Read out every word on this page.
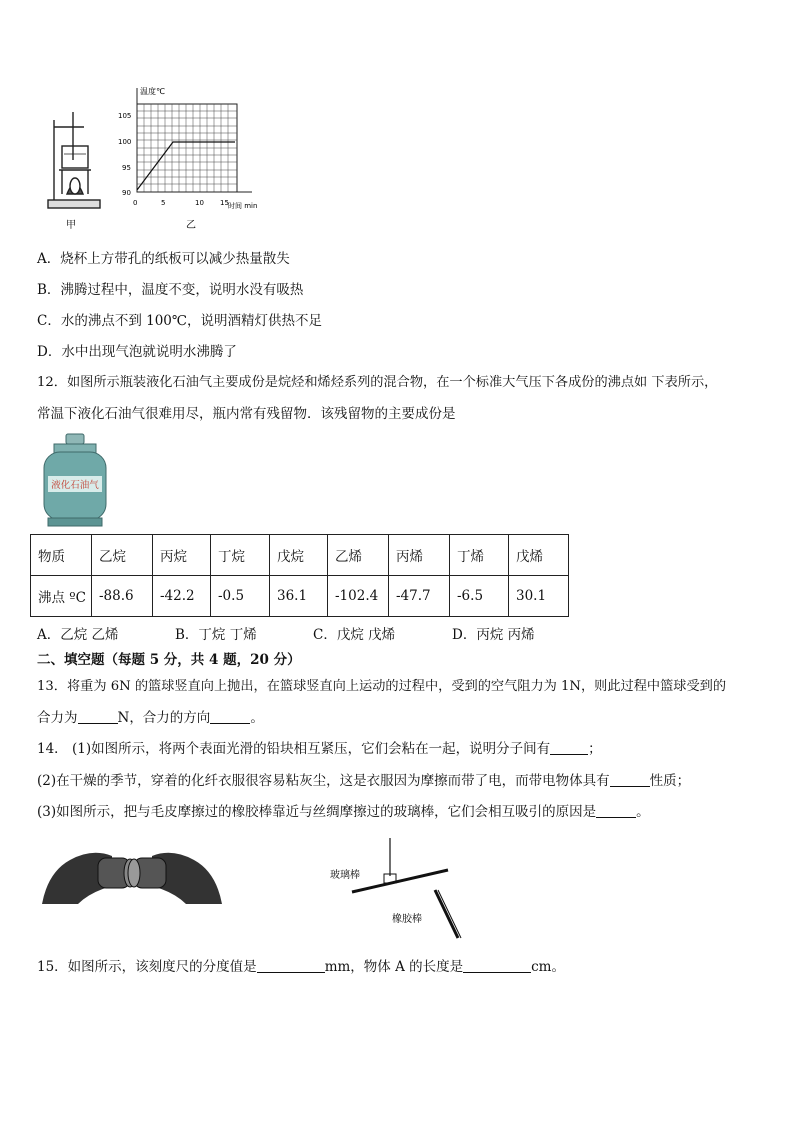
甲
温度℃
105
100
95
90
0	5	10 15 时间 min
乙
A．烧杯上方带孔的纸板可以减少热量散失
B．沸腾过程中，温度不变，说明水没有吸热
C．水的沸点不到 100℃，说明酒精灯供热不足
D．水中出现气泡就说明水沸腾了
12．如图所示瓶装液化石油气主要成份是烷烃和烯烃系列的混合物，在一个标准大气压下各成份的沸点如 下表所示，
常温下液化石油气很难用尽，瓶内常有残留物．该残留物的主要成份是
液化石油气
物质	乙烷	丙烷	丁烷	戊烷	乙烯	丙烯	丁烯	戊烯
沸点 ºC	-88.6	-42.2	-0.5	36.1	-102.4	-47.7	-6.5	30.1
A．乙烷 乙烯	B．丁烷 丁烯	C．戊烷 戊烯	D．丙烷 丙烯
二、填空题（每题 5 分，共 4 题，20 分）
13．将重为 6N 的篮球竖直向上抛出，在篮球竖直向上运动的过程中，受到的空气阻力为 1N，则此过程中篮球受到的
合力为	N，合力的方向	。
14． (1)如图所示，将两个表面光滑的铅块相互紧压，它们会粘在一起，说明分子间有	；
(2)在干燥的季节，穿着的化纤衣服很容易粘灰尘，这是衣服因为摩擦而带了电，而带电物体具有	性质；
(3)如图所示，把与毛皮摩擦过的橡胶棒靠近与丝绸摩擦过的玻璃棒，它们会相互吸引的原因是	。
玻璃棒
橡胶棒
15．如图所示，该刻度尺的分度值是	mm，物体 A 的长度是	cm。
